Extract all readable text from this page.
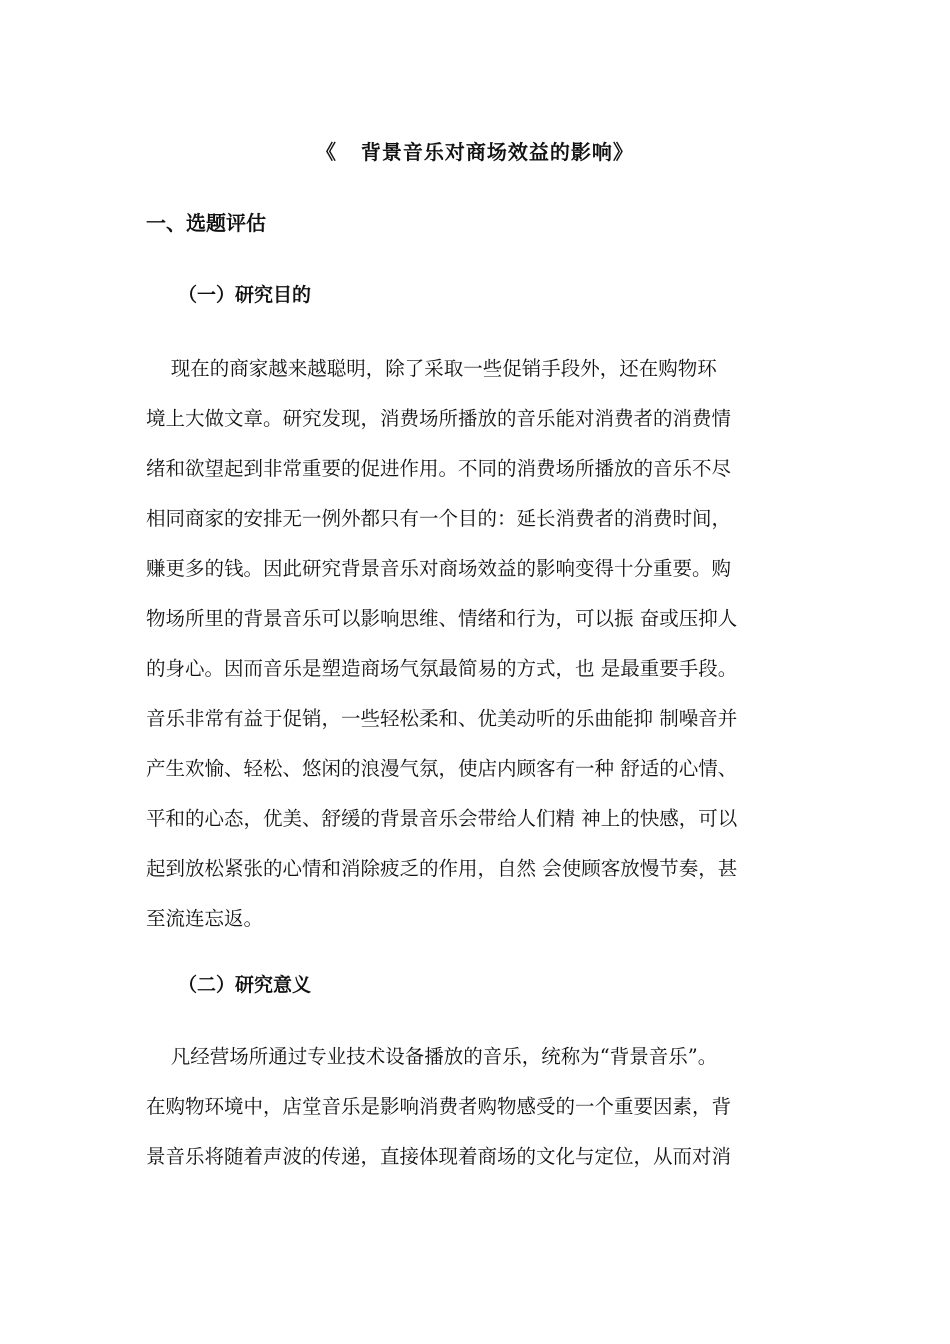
《   背景音乐对商场效益的影响》
一、选题评估
（一）研究目的
现在的商家越来越聪明，除了采取一些促销手段外，还在购物环
境上大做文章。研究发现，消费场所播放的音乐能对消费者的消费情
绪和欲望起到非常重要的促进作用。不同的消费场所播放的音乐不尽
相同商家的安排无一例外都只有一个目的：延长消费者的消费时间，
赚更多的钱。因此研究背景音乐对商场效益的影响变得十分重要。购
物场所里的背景音乐可以影响思维、情绪和行为，可以振 奋或压抑人
的身心。因而音乐是塑造商场气氛最简易的方式，也 是最重要手段。
音乐非常有益于促销，一些轻松柔和、优美动听的乐曲能抑 制噪音并
产生欢愉、轻松、悠闲的浪漫气氛，使店内顾客有一种 舒适的心情、
平和的心态，优美、舒缓的背景音乐会带给人们精 神上的快感，可以
起到放松紧张的心情和消除疲乏的作用，自然 会使顾客放慢节奏，甚
至流连忘返。
（二）研究意义
凡经营场所通过专业技术设备播放的音乐，统称为“背景音乐”。
在购物环境中，店堂音乐是影响消费者购物感受的一个重要因素，背
景音乐将随着声波的传递，直接体现着商场的文化与定位，从而对消
